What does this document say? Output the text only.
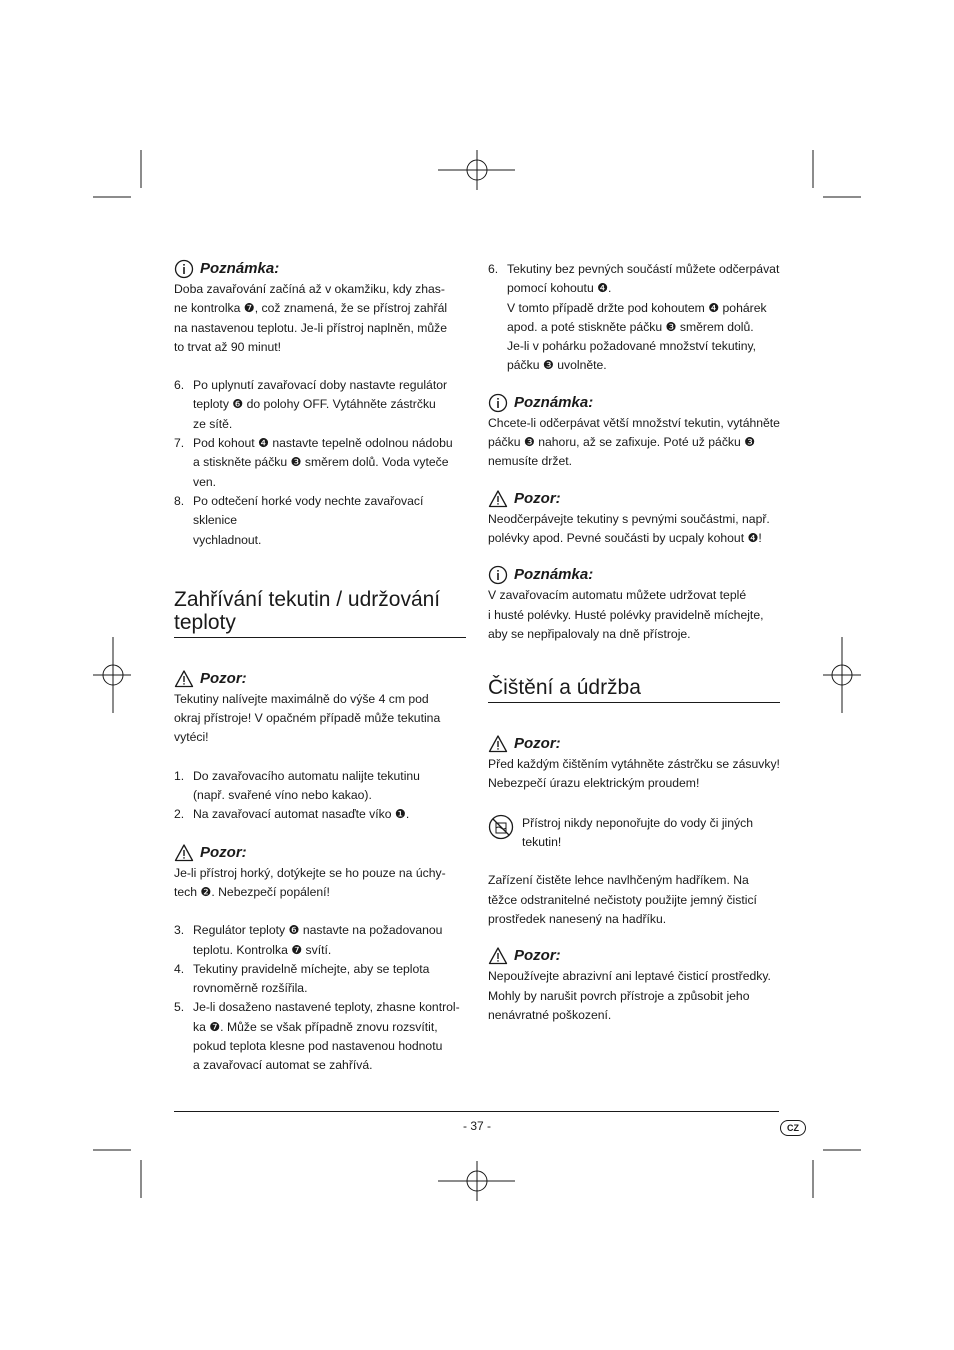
Poznámka:

Doba zavařování začíná až v okamžiku, kdy zhas-
ne kontrolka ❼, což znamená, že se přístroj zahřál
na nastavenou teplotu. Je-li přístroj naplněn, může
to trvat až 90 minut!

6. Po uplynutí zavařovací doby nastavte regulátor
teploty ❻ do polohy OFF. Vytáhněte zástrčku
ze sítě.
7. Pod kohout ❹ nastavte tepelně odolnou nádobu
a stiskněte páčku ❸ směrem dolů. Voda vyteče
ven.
8. Po odtečení horké vody nechte zavařovací sklenice
vychladnout.
Zahřívání tekutin / udržování
teploty
Pozor:

Tekutiny nalívejte maximálně do výše 4 cm pod
okraj přístroje! V opačném případě může tekutina
vytéci!

1. Do zavařovacího automatu nalijte tekutinu
(např. svařené víno nebo kakao).
2. Na zavařovací automat nasaďte víko ❶.
Pozor:

Je-li přístroj horký, dotýkejte se ho pouze na úchy-
tech ❷. Nebezpečí popálení!

3. Regulátor teploty ❻ nastavte na požadovanou
teplotu. Kontrolka ❼ svítí.
4. Tekutiny pravidelně míchejte, aby se teplota
rovnoměrně rozšířila.
5. Je-li dosaženo nastavené teploty, zhasne kontrol-
ka ❼. Může se však případně znovu rozsvítit,
pokud teplota klesne pod nastavenou hodnotu
a zavařovací automat se zahřívá.
6. Tekutiny bez pevných součástí můžete odčerpávat
pomocí kohoutu ❹.
V tomto případě držte pod kohoutem ❹ pohárek
apod. a poté stiskněte páčku ❸ směrem dolů.
Je-li v pohárku požadované množství tekutiny,
páčku ❸ uvolněte.
Poznámka:

Chcete-li odčerpávat větší množství tekutin, vytáhněte
páčku ❸ nahoru, až se zafixuje. Poté už páčku ❸
nemusíte držet.

Pozor:

Neodčerpávejte tekutiny s pevnými součástmi, např.
polévky apod. Pevné součásti by ucpaly kohout ❹!

Poznámka:

V zavařovacím automatu můžete udržovat teplé
i husté polévky. Husté polévky pravidelně míchejte,
aby se nepřipalovaly na dně přístroje.

Čištění a údržba
Pozor:

Před každým čištěním vytáhněte zástrčku se zásuvky!
Nebezpečí úrazu elektrickým proudem!

Přístroj nikdy neponořujte do vody či jiných
tekutin!

Zařízení čistěte lehce navlhčeným hadříkem. Na
těžce odstranitelné nečistoty použijte jemný čisticí
prostředek nanesený na hadříku.

Pozor:

Nepoužívejte abrazivní ani leptavé čisticí prostředky.
Mohly by narušit povrch přístroje a způsobit jeho
nenávratné poškození.

- 37 -	CZ
